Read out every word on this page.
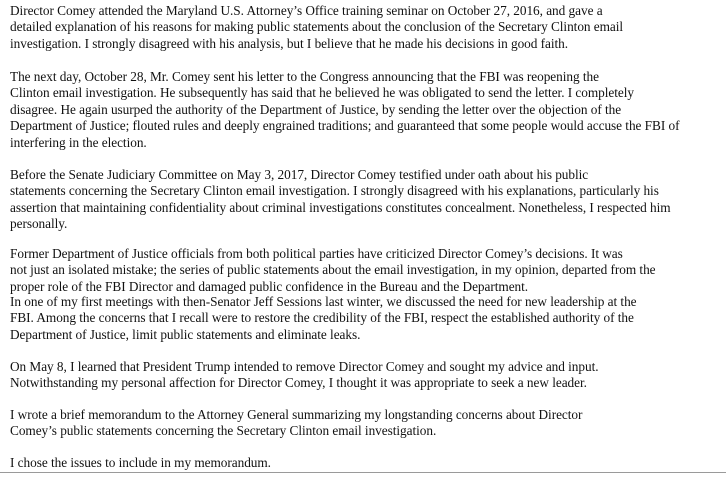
Director Comey attended the Maryland U.S. Attorney’s Office training seminar on October 27, 2016, and gave a
detailed explanation of his reasons for making public statements about the conclusion of the Secretary Clinton email
investigation. I strongly disagreed with his analysis, but I believe that he made his decisions in good faith.

The next day, October 28, Mr. Comey sent his letter to the Congress announcing that the FBI was reopening the
Clinton email investigation. He subsequently has said that he believed he was obligated to send the letter. I completely
disagree. He again usurped the authority of the Department of Justice, by sending the letter over the objection of the
Department of Justice; flouted rules and deeply engrained traditions; and guaranteed that some people would accuse the FBI of
interfering in the election.

Before the Senate Judiciary Committee on May 3, 2017, Director Comey testified under oath about his public
statements concerning the Secretary Clinton email investigation. I strongly disagreed with his explanations, particularly his
assertion that maintaining confidentiality about criminal investigations constitutes concealment. Nonetheless, I respected him
personally.

Former Department of Justice officials from both political parties have criticized Director Comey’s decisions. It was
not just an isolated mistake; the series of public statements about the email investigation, in my opinion, departed from the
proper role of the FBI Director and damaged public confidence in the Bureau and the Department.

In one of my first meetings with then-Senator Jeff Sessions last winter, we discussed the need for new leadership at the
FBI. Among the concerns that I recall were to restore the credibility of the FBI, respect the established authority of the
Department of Justice, limit public statements and eliminate leaks.

On May 8, I learned that President Trump intended to remove Director Comey and sought my advice and input.
Notwithstanding my personal affection for Director Comey, I thought it was appropriate to seek a new leader.

I wrote a brief memorandum to the Attorney General summarizing my longstanding concerns about Director
Comey’s public statements concerning the Secretary Clinton email investigation.

I chose the issues to include in my memorandum.
